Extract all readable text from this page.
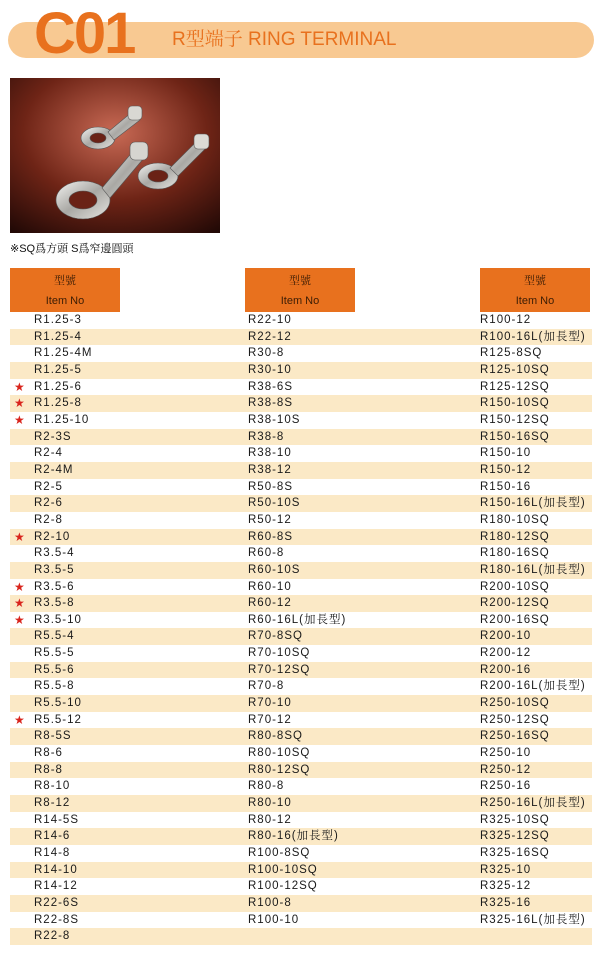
C01 R型端子 RING TERMINAL
※SQ爲方頭 S爲窄邊圓頭
型號
Item No
型號
Item No
型號
Item No
R1.25-3	R22-10	R100-12
R1.25-4	R22-12	R100-16L(加長型)
R1.25-4M	R30-8	R125-8SQ
R1.25-5	R30-10	R125-10SQ
★ R1.25-6	R38-6S	R125-12SQ
★ R1.25-8	R38-8S	R150-10SQ
★ R1.25-10	R38-10S	R150-12SQ
R2-3S	R38-8	R150-16SQ
R2-4	R38-10	R150-10
R2-4M	R38-12	R150-12
R2-5	R50-8S	R150-16
R2-6	R50-10S	R150-16L(加長型)
R2-8	R50-12	R180-10SQ
★ R2-10	R60-8S	R180-12SQ
R3.5-4	R60-8	R180-16SQ
R3.5-5	R60-10S	R180-16L(加長型)
★ R3.5-6	R60-10	R200-10SQ
★ R3.5-8	R60-12	R200-12SQ
★ R3.5-10	R60-16L(加長型)	R200-16SQ
R5.5-4	R70-8SQ	R200-10
R5.5-5	R70-10SQ	R200-12
R5.5-6	R70-12SQ	R200-16
R5.5-8	R70-8	R200-16L(加長型)
R5.5-10	R70-10	R250-10SQ
★ R5.5-12	R70-12	R250-12SQ
R8-5S	R80-8SQ	R250-16SQ
R8-6	R80-10SQ	R250-10
R8-8	R80-12SQ	R250-12
R8-10	R80-8	R250-16
R8-12	R80-10	R250-16L(加長型)
R14-5S	R80-12	R325-10SQ
R14-6	R80-16(加長型)	R325-12SQ
R14-8	R100-8SQ	R325-16SQ
R14-10	R100-10SQ	R325-10
R14-12	R100-12SQ	R325-12
R22-6S	R100-8	R325-16
R22-8S	R100-10	R325-16L(加長型)
R22-8
